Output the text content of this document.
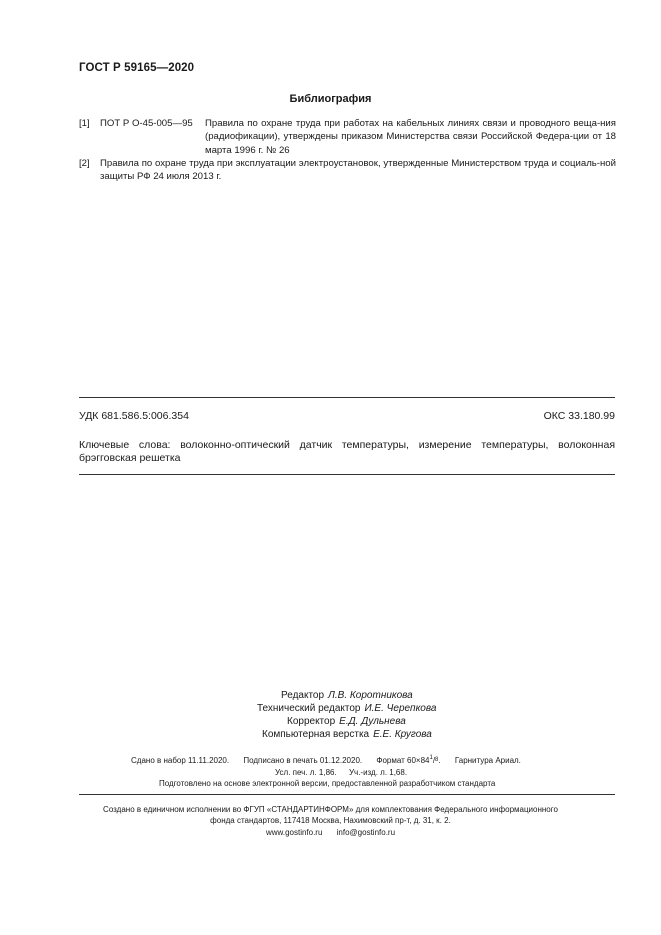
ГОСТ Р 59165—2020
Библиография
[1] ПОТ Р О-45-005—95 Правила по охране труда при работах на кабельных линиях связи и проводного веща-ния (радиофикации), утверждены приказом Министерства связи Российской Федера-ции от 18 марта 1996 г. № 26
[2] Правила по охране труда при эксплуатации электроустановок, утвержденные Министерством труда и социаль-ной защиты РФ 24 июля 2013 г.
УДК 681.586.5:006.354	ОКС 33.180.99
Ключевые слова: волоконно-оптический датчик температуры, измерение температуры, волоконная брэгговская решетка
Редактор Л.В. Коротникова
Технический редактор И.Е. Черепкова
Корректор Е.Д. Дульнева
Компьютерная верстка Е.Е. Кругова
Сдано в набор 11.11.2020. Подписано в печать 01.12.2020. Формат $60\times 84^1/8$. Гарнитура Ариал.
Усл. печ. л. 1,86. Уч.-изд. л. 1,68.
Подготовлено на основе электронной версии, предоставленной разработчиком стандарта
Создано в единичном исполнении во ФГУП «СТАНДАРТИНФОРМ» для комплектования Федерального информационного
фонда стандартов, 117418 Москва, Нахимовский пр-т, д. 31, к. 2.
www.gostinfo.ru info@gostinfo.ru
